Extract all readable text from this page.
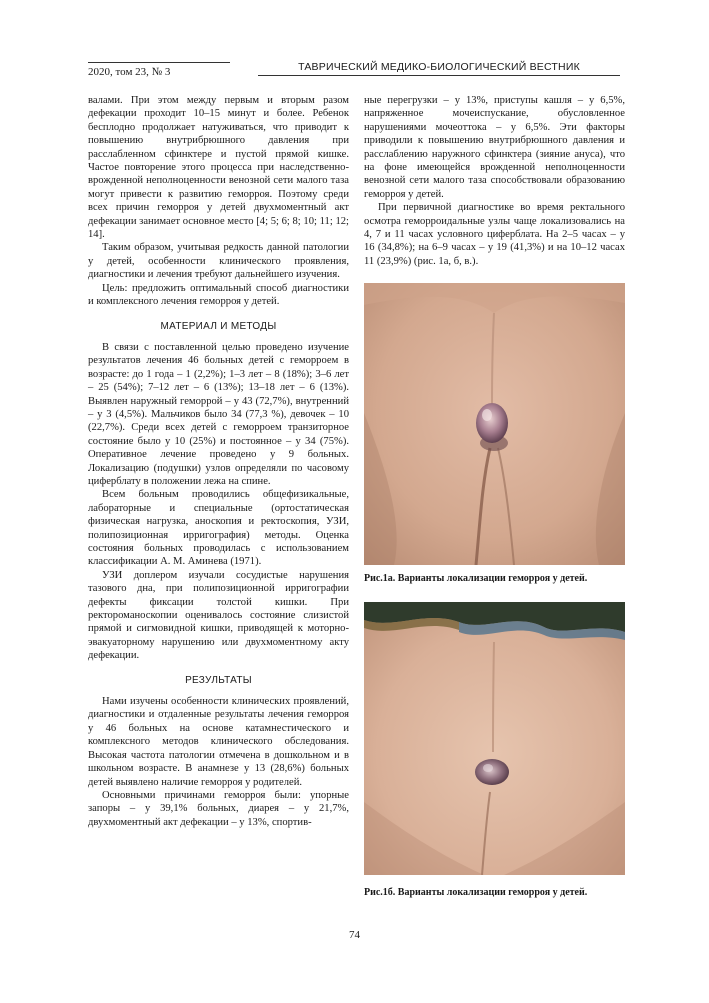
2020, том 23, № 3	ТАВРИЧЕСКИЙ МЕДИКО-БИОЛОГИЧЕСКИЙ ВЕСТНИК

валами. При этом между первым и вторым разом дефекации проходит 10–15 минут и более. Ребенок бесплодно продолжает натуживаться, что приводит к повышению внутрибрюшного давления при расслабленном сфинктере и пустой прямой кишке. Частое повторение этого процесса при наследственно-врожденной неполноценности венозной сети малого таза могут привести к развитию геморроя. Поэтому среди всех причин геморроя у детей двухмоментный акт дефекации занимает основное место [4; 5; 6; 8; 10; 11; 12; 14].

Таким образом, учитывая редкость данной патологии у детей, особенности клинического проявления, диагностики и лечения требуют дальнейшего изучения.

Цель: предложить оптимальный способ диагностики и комплексного лечения геморроя у детей.

МАТЕРИАЛ И МЕТОДЫ

В связи с поставленной целью проведено изучение результатов лечения 46 больных детей с геморроем в возрасте: до 1 года – 1 (2,2%); 1–3 лет – 8 (18%); 3–6 лет – 25 (54%); 7–12 лет – 6 (13%); 13–18 лет – 6 (13%). Выявлен наружный геморрой – у 43 (72,7%), внутренний – у 3 (4,5%). Мальчиков было 34 (77,3 %), девочек – 10 (22,7%). Среди всех детей с геморроем транзиторное состояние было у 10 (25%) и постоянное – у 34 (75%). Оперативное лечение проведено у 9 больных. Локализацию (подушки) узлов определяли по часовому циферблату в положении лежа на спине.

Всем больным проводились общефизикальные, лабораторные и специальные (ортостатическая физическая нагрузка, аноскопия и ректоскопия, УЗИ, полипозиционная ирригография) методы. Оценка состояния больных проводилась с использованием классификации А. М. Аминева (1971).

УЗИ доплером изучали сосудистые нарушения тазового дна, при полипозиционной ирригографии дефекты фиксации толстой кишки. При ректороманоскопии оценивалось состояние слизистой прямой и сигмовидной кишки, приводящей к моторно-эвакуаторному нарушению или двухмоментному акту дефекации.

РЕЗУЛЬТАТЫ

Нами изучены особенности клинических проявлений, диагностики и отдаленные результаты лечения геморроя у 46 больных на основе катамнестического и комплексного методов клинического обследования. Высокая частота патологии отмечена в дошкольном и в школьном возрасте. В анамнезе у 13 (28,6%) больных детей выявлено наличие геморроя у родителей.

Основными причинами геморроя были: упорные запоры – у 39,1% больных, диарея – у 21,7%, двухмоментный акт дефекации – у 13%, спортив-

ные перегрузки – у 13%, приступы кашля – у 6,5%, напряженное мочеиспускание, обусловленное нарушениями мочеоттока – у 6,5%. Эти факторы приводили к повышению внутрибрюшного давления и расслаблению наружного сфинктера (зияние ануса), что на фоне имеющейся врожденной неполноценности венозной сети малого таза способствовали образованию геморроя у детей.

При первичной диагностике во время ректального осмотра геморроидальные узлы чаще локализовались на 4, 7 и 11 часах условного циферблата. На 2–5 часах – у 16 (34,8%); на 6–9 часах – у 19 (41,3%) и на 10–12 часах 11 (23,9%) (рис. 1а, б, в.).

Рис.1а. Варианты локализации геморроя у детей.
Рис.1б. Варианты локализации геморроя у детей.
74
